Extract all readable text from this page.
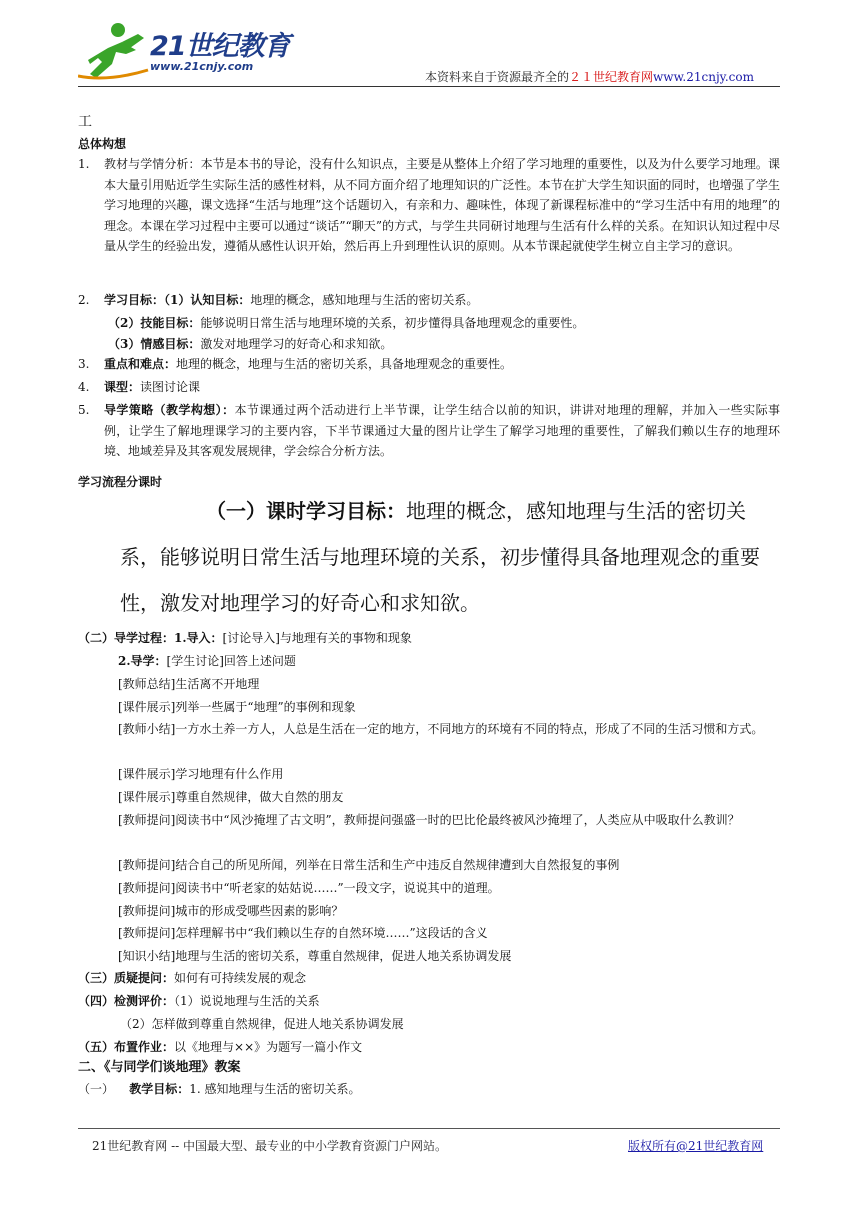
21世纪教育
www.21cnjy.com
本资料来自于资源最齐全的２１世纪教育网www.21cnjy.com
工
总体构想
1.	教材与学情分析：本节是本书的导论，没有什么知识点，主要是从整体上介绍了学习地理的重要性，以及为什么要学习地理。课本大量引用贴近学生实际生活的感性材料，从不同方面介绍了地理知识的广泛性。本节在扩大学生知识面的同时，也增强了学生学习地理的兴趣，课文选择“生活与地理”这个话题切入，有亲和力、趣味性，体现了新课程标准中的“学习生活中有用的地理”的理念。本课在学习过程中主要可以通过“谈话”“聊天”的方式，与学生共同研讨地理与生活有什么样的关系。在知识认知过程中尽量从学生的经验出发，遵循从感性认识开始，然后再上升到理性认识的原则。从本节课起就使学生树立自主学习的意识。
2.	学习目标：（1）认知目标：地理的概念，感知地理与生活的密切关系。
（2）技能目标：能够说明日常生活与地理环境的关系，初步懂得具备地理观念的重要性。
（3）情感目标：激发对地理学习的好奇心和求知欲。
3.	重点和难点：地理的概念，地理与生活的密切关系，具备地理观念的重要性。
4.	课型：读图讨论课
5.	导学策略（教学构想）：本节课通过两个活动进行上半节课，让学生结合以前的知识，讲讲对地理的理解，并加入一些实际事例，让学生了解地理课学习的主要内容，下半节课通过大量的图片让学生了解学习地理的重要性，了解我们赖以生存的地理环境、地域差异及其客观发展规律，学会综合分析方法。
学习流程分课时
（一）课时学习目标：地理的概念，感知地理与生活的密切关系，能够说明日常生活与地理环境的关系，初步懂得具备地理观念的重要性，激发对地理学习的好奇心和求知欲。
（二）导学过程：1.导入：[讨论导入]与地理有关的事物和现象
2.导学：[学生讨论]回答上述问题
[教师总结]生活离不开地理
[课件展示]列举一些属于“地理”的事例和现象
[教师小结]一方水土养一方人，人总是生活在一定的地方，不同地方的环境有不同的特点，形成了不同的生活习惯和方式。
[课件展示]学习地理有什么作用
[课件展示]尊重自然规律，做大自然的朋友
[教师提问]阅读书中“风沙掩埋了古文明”，教师提问强盛一时的巴比伦最终被风沙掩埋了，人类应从中吸取什么教训？
[教师提问]结合自己的所见所闻，列举在日常生活和生产中违反自然规律遭到大自然报复的事例
[教师提问]阅读书中“听老家的姑姑说……”一段文字，说说其中的道理。
[教师提问]城市的形成受哪些因素的影响？
[教师提问]怎样理解书中“我们赖以生存的自然环境……”这段话的含义
[知识小结]地理与生活的密切关系，尊重自然规律，促进人地关系协调发展
（三）质疑提问：如何有可持续发展的观念
（四）检测评价：（1）说说地理与生活的关系
（2）怎样做到尊重自然规律，促进人地关系协调发展
（五）布置作业：以《地理与××》为题写一篇小作文
二、《与同学们谈地理》教案
（一） 教学目标：1. 感知地理与生活的密切关系。
21世纪教育网 -- 中国最大型、最专业的中小学教育资源门户网站。	版权所有@21世纪教育网
